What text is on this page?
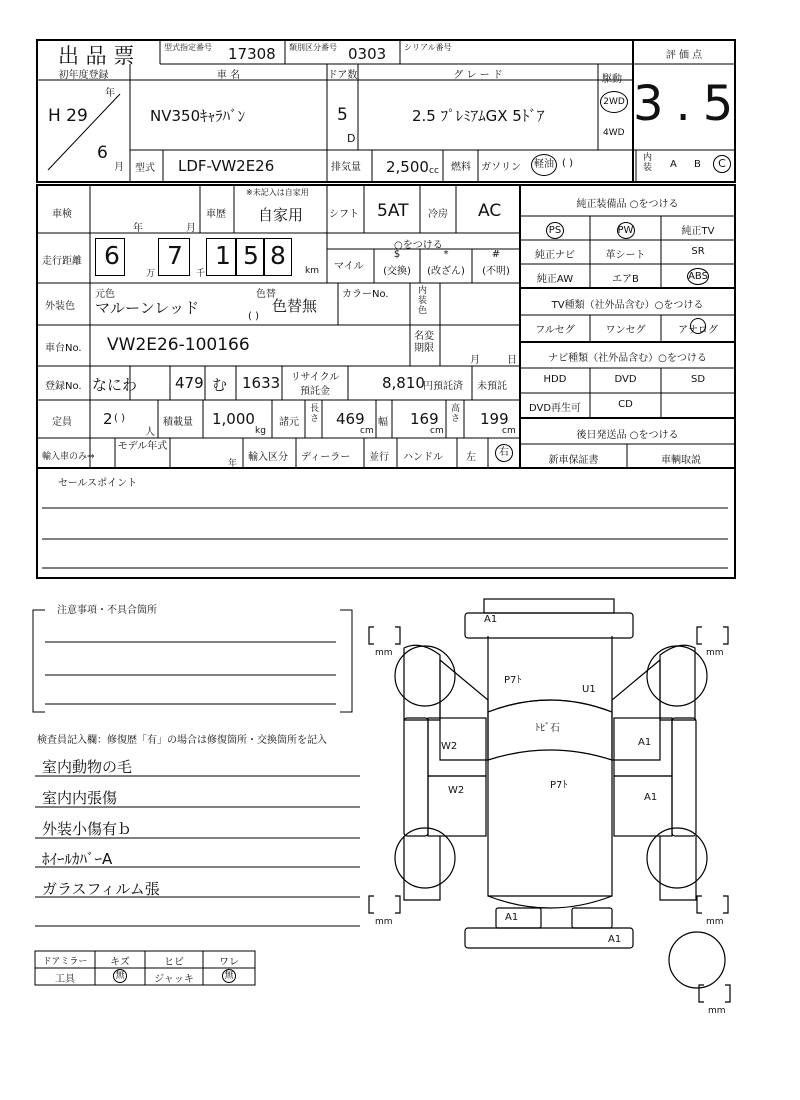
出 品 票	型式指定番号 17308 類別区分番号 0303 シリアル番号
評 価 点
3.5
初年度登録
H 29
年
6
月
車 名
NV350ｷｬﾗﾊﾞﾝ
ドア数
5
D
グ レ ー ド
2.5 ﾌﾟﾚﾐｱﾑGX 5ﾄﾞｱ
駆動
2WD
4WD
型式 LDF-VW2E26	排気量 2,500 cc 燃料 ガソリン	軽油 ( )	内装 A B	C
車検
年	月
車歴
※未記入は自家用
自家用	シフト 5AT 冷房 AC
走行距離 6
万
7
千
1 5 8
km
○をつける
マイル
$
(交換)
*
(改ざん)
#
(不明)
外装色
元色
マルーンレッド
色替
色替無
( )
カラーNo.	内装色
車台No. VW2E26-100166	名変期限
月	日
登録No. なにわ	479 む 1633	リサイクル
預託金	8,810
円預託済 未預託
定員 2 ( )
人
積載量 1,000
kg
諸元
長さ 469
cm
幅 169
cm
高さ 199
cm
輸入車のみ⇒
モデル年式
年
輸入区分 ディーラー 並行 ハンドル 左	右
純正装備品 ○をつける
PS	PW	純正TV
純正ナビ	革シート	SR
純正AW	エアB	ABS
TV種類（社外品含む）○をつける
フルセグ	ワンセグ	アナログ
ナビ種類（社外品含む）○をつける
HDD	DVD	SD
DVD再生可	CD
後日発送品 ○をつける
新車保証書	車輌取説
セールスポイント
注意事項・不具合箇所
検査員記入欄：修復歴「有」の場合は修復箇所・交換箇所を記入
室内動物の毛
室内内張傷
外装小傷有ｂ
ﾎｲｰﾙｶﾊﾞｰA
ガラスフィルム張
ドアミラー	キズ	ヒビ	ワレ
工具	無	ジャッキ	無
mm	mm
mm	mm
mm
A1
P7ﾄ
U1
ﾄﾋﾞ石
W2	A1
W2	P7ﾄ
A1
A1
A1
